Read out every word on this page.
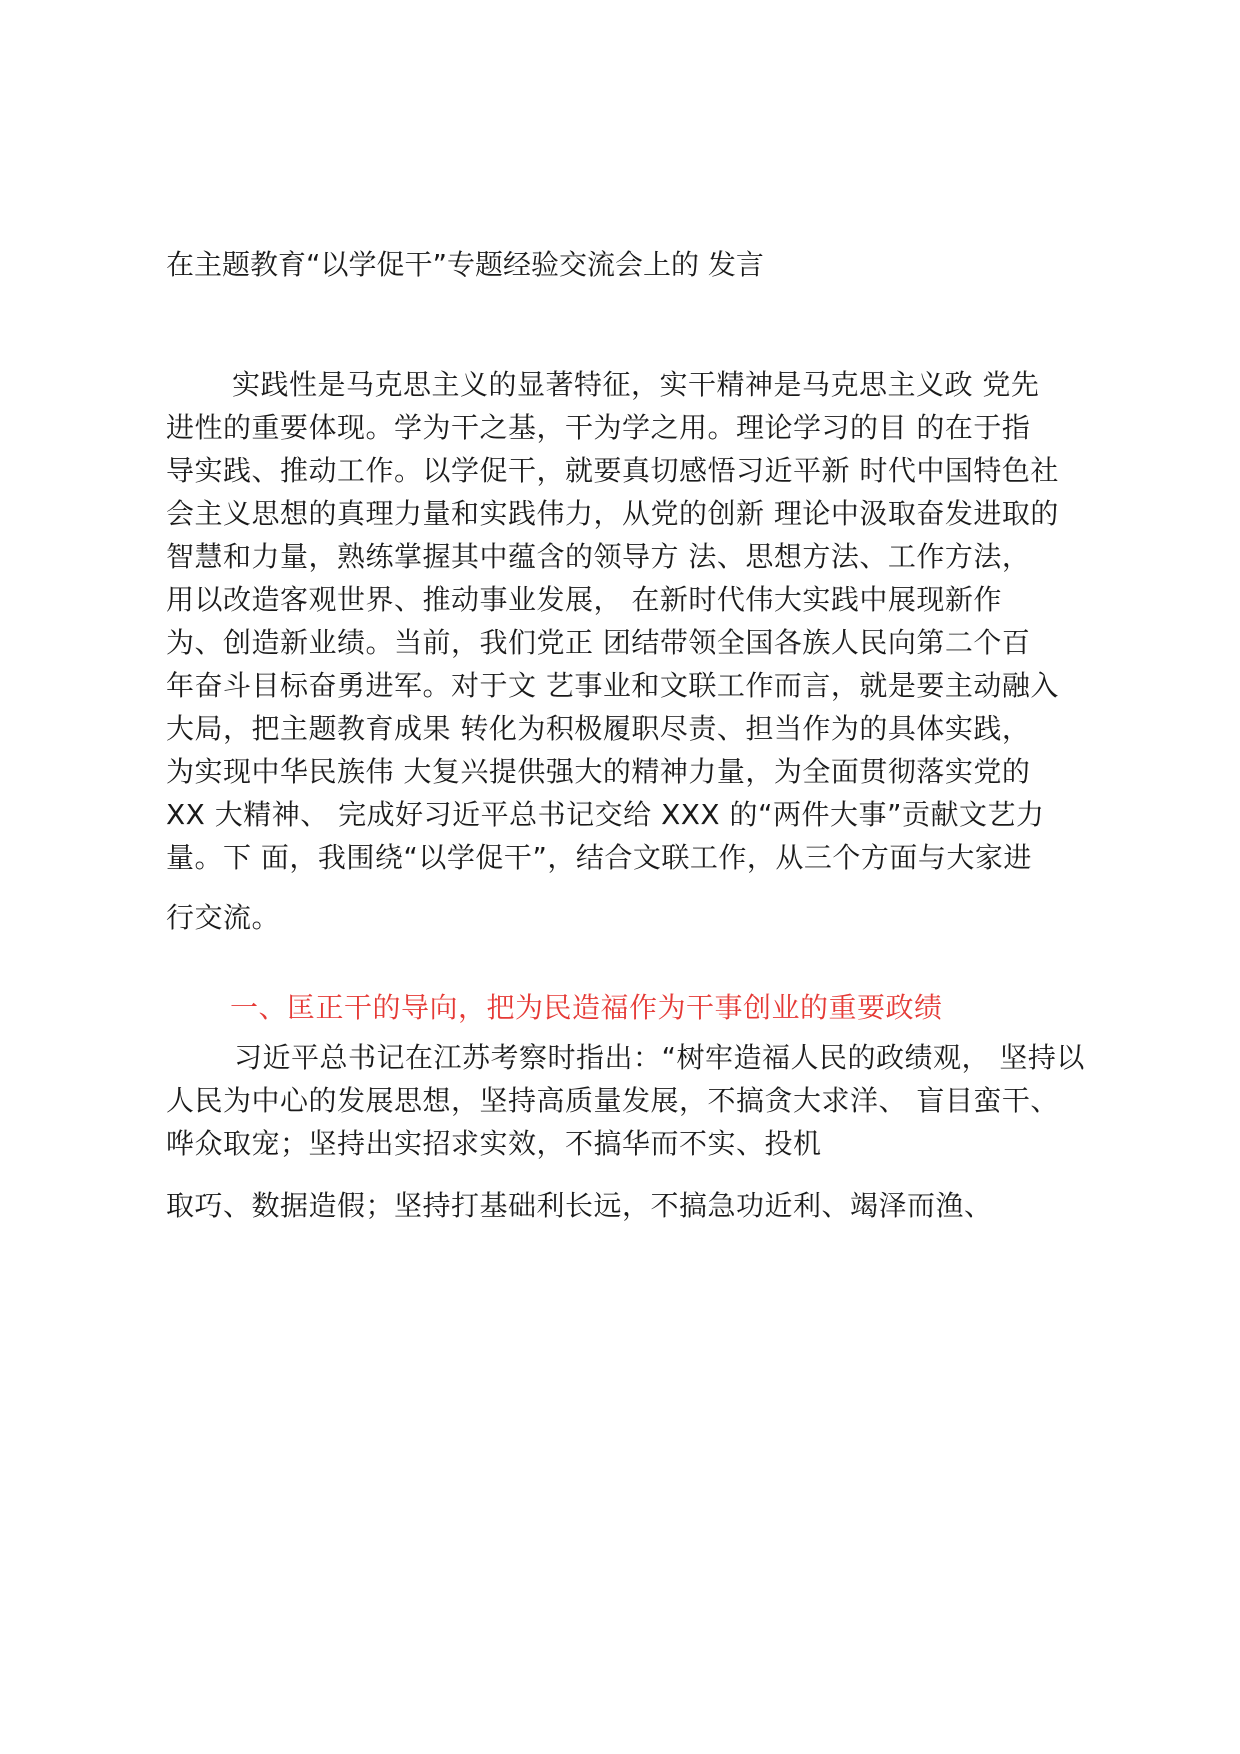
在主题教育“以学促干”专题经验交流会上的 发言
实践性是马克思主义的显著特征，实干精神是马克思主义政 党先
进性的重要体现。学为干之基，干为学之用。理论学习的目 的在于指
导实践、推动工作。以学促干，就要真切感悟习近平新 时代中国特色社
会主义思想的真理力量和实践伟力，从党的创新 理论中汲取奋发进取的
智慧和力量，熟练掌握其中蕴含的领导方 法、思想方法、工作方法，
用以改造客观世界、推动事业发展， 在新时代伟大实践中展现新作
为、创造新业绩。当前，我们党正 团结带领全国各族人民向第二个百
年奋斗目标奋勇进军。对于文 艺事业和文联工作而言，就是要主动融入
大局，把主题教育成果 转化为积极履职尽责、担当作为的具体实践，
为实现中华民族伟 大复兴提供强大的精神力量，为全面贯彻落实党的
XX 大精神、 完成好习近平总书记交给 XXX 的“两件大事”贡献文艺力
量。下 面，我围绕“以学促干”，结合文联工作，从三个方面与大家进
行交流。
一、匡正干的导向，把为民造福作为干事创业的重要政绩
习近平总书记在江苏考察时指出：“树牢造福人民的政绩观， 坚持以
人民为中心的发展思想，坚持高质量发展，不搞贪大求洋、 盲目蛮干、
哗众取宠；坚持出实招求实效，不搞华而不实、投机
取巧、数据造假；坚持打基础利长远，不搞急功近利、竭泽而渔、
